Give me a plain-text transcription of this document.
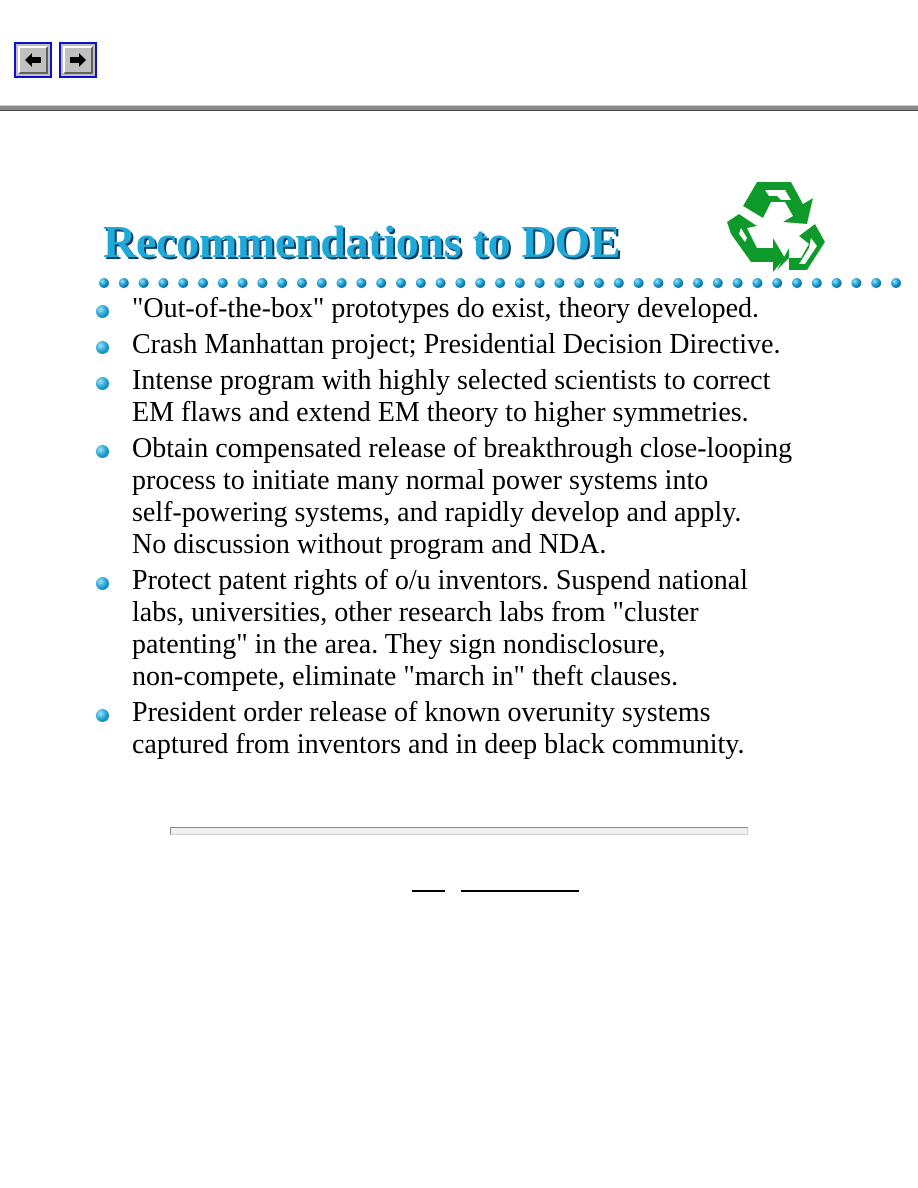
Recommendations to DOE
"Out-of-the-box" prototypes do exist, theory developed.
Crash Manhattan project; Presidential Decision Directive.
Intense program with highly selected scientists to correct
EM flaws and extend EM theory to higher symmetries.
Obtain compensated release of breakthrough close-looping
process to initiate many normal power systems into
self-powering systems, and rapidly develop and apply.
No discussion without program and NDA.
Protect patent rights of o/u inventors. Suspend national
labs, universities, other research labs from "cluster
patenting" in the area. They sign nondisclosure,
non-compete, eliminate "march in" theft clauses.
President order release of known overunity systems
captured from inventors and in deep black community.
